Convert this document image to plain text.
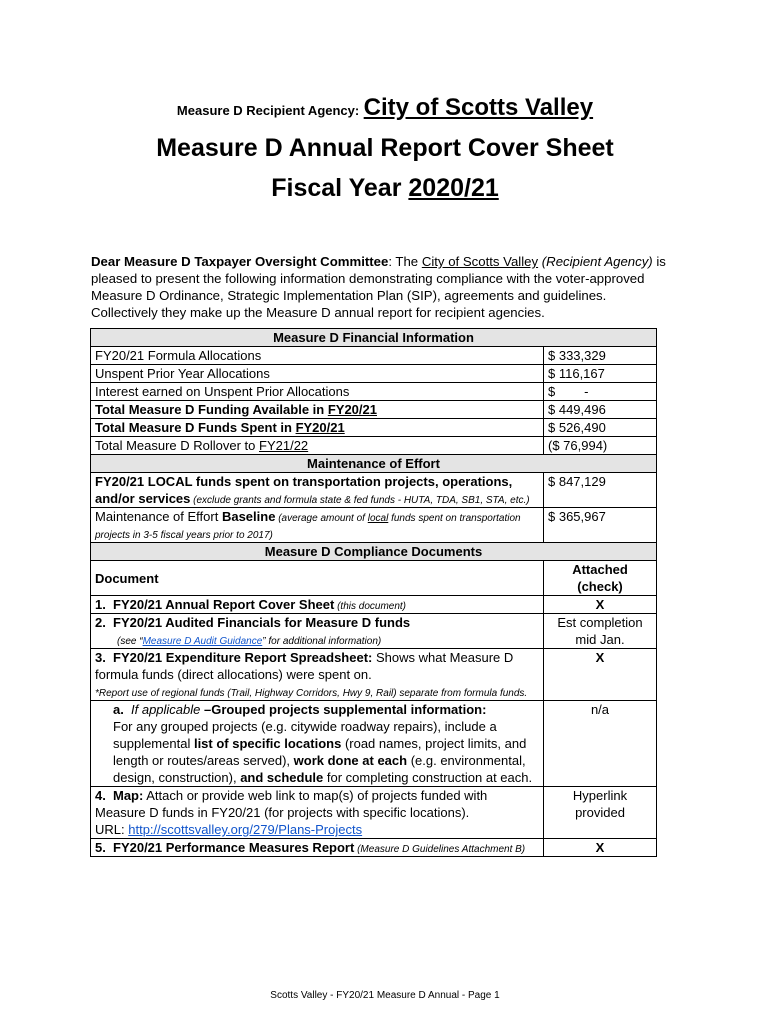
Measure D Recipient Agency: City of Scotts Valley
Measure D Annual Report Cover Sheet
Fiscal Year 2020/21
Dear Measure D Taxpayer Oversight Committee: The City of Scotts Valley (Recipient Agency) is pleased to present the following information demonstrating compliance with the voter-approved Measure D Ordinance, Strategic Implementation Plan (SIP), agreements and guidelines. Collectively they make up the Measure D annual report for recipient agencies.
Measure D Financial Information	
FY20/21 Formula Allocations	$ 333,329
Unspent Prior Year Allocations	$ 116,167
Interest earned on Unspent Prior Allocations	$        -
Total Measure D Funding Available in FY20/21	$ 449,496
Total Measure D Funds Spent in FY20/21	$ 526,490
Total Measure D Rollover to FY21/22	($ 76,994)
Maintenance of Effort	
FY20/21 LOCAL funds spent on transportation projects, operations, and/or services (exclude grants and formula state & fed funds - HUTA, TDA, SB1, STA, etc.)	$ 847,129
Maintenance of Effort Baseline (average amount of local funds spent on transportation projects in 3-5 fiscal years prior to 2017)	$ 365,967
Measure D Compliance Documents	
Document	Attached (check)
1. FY20/21 Annual Report Cover Sheet (this document)	X
2. FY20/21 Audited Financials for Measure D funds
(see “Measure D Audit Guidance” for additional information)	Est completion mid Jan.
3. FY20/21 Expenditure Report Spreadsheet: Shows what Measure D formula funds (direct allocations) were spent on.
*Report use of regional funds (Trail, Highway Corridors, Hwy 9, Rail) separate from formula funds.	X
a. If applicable –Grouped projects supplemental information:
For any grouped projects (e.g. citywide roadway repairs), include a supplemental list of specific locations (road names, project limits, and length or routes/areas served), work done at each (e.g. environmental, design, construction), and schedule for completing construction at each.	n/a
4. Map: Attach or provide web link to map(s) of projects funded with Measure D funds in FY20/21 (for projects with specific locations).
URL: http://scottsvalley.org/279/Plans-Projects	Hyperlink provided
5. FY20/21 Performance Measures Report (Measure D Guidelines Attachment B)	X
Scotts Valley - FY20/21 Measure D Annual - Page 1
